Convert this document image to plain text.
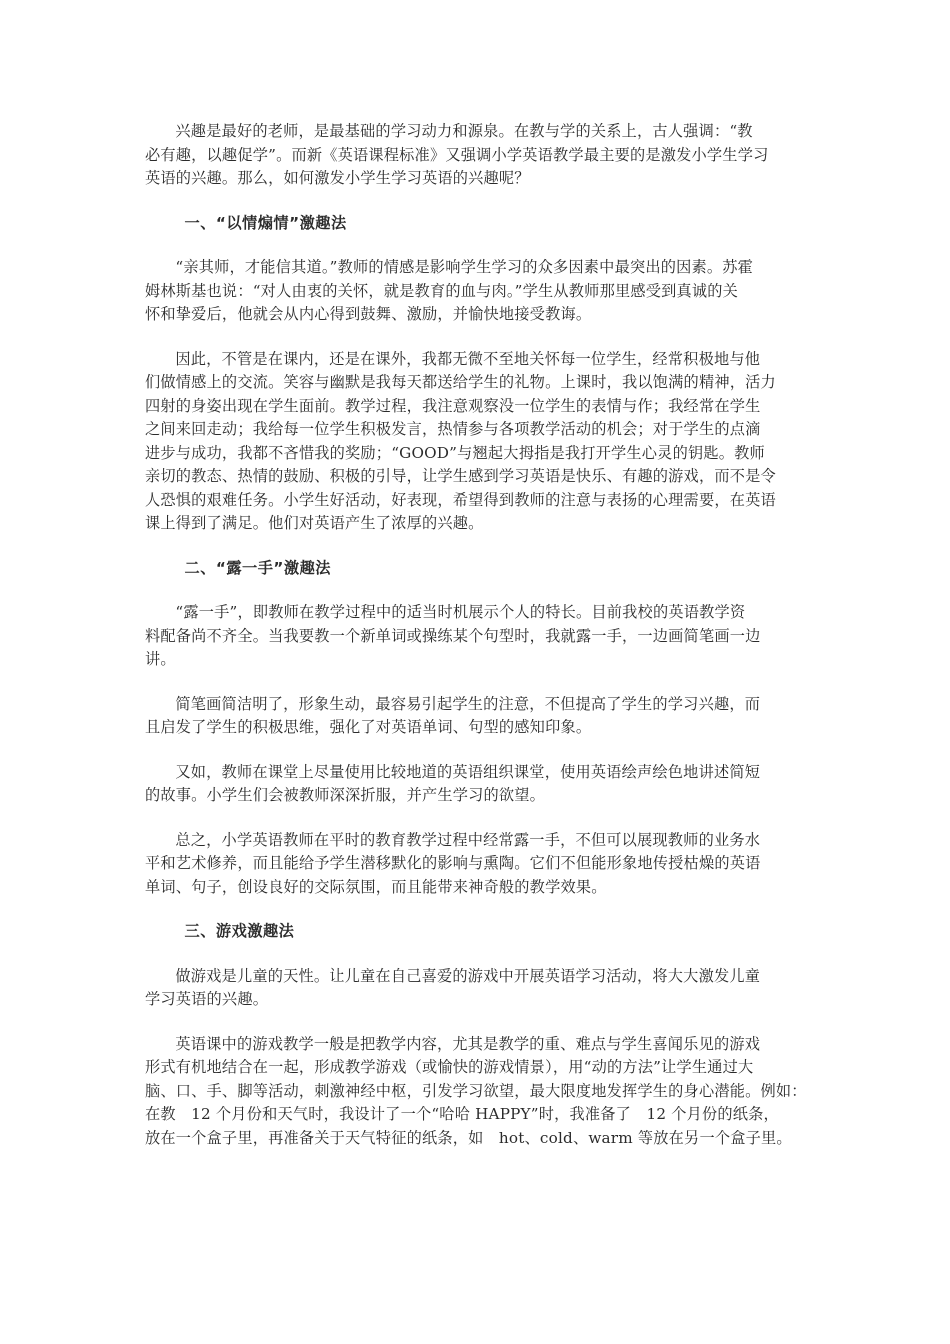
兴趣是最好的老师，是最基础的学习动力和源泉。在教与学的关系上，古人强调：“教
必有趣，以趣促学”。而新《英语课程标准》又强调小学英语教学最主要的是激发小学生学习
英语的兴趣。那么，如何激发小学生学习英语的兴趣呢？
一、“以情煽情”激趣法
“亲其师，才能信其道。”教师的情感是影响学生学习的众多因素中最突出的因素。苏霍
姆林斯基也说：“对人由衷的关怀，就是教育的血与肉。”学生从教师那里感受到真诚的关
怀和挚爱后，他就会从内心得到鼓舞、激励，并愉快地接受教诲。
因此，不管是在课内，还是在课外，我都无微不至地关怀每一位学生，经常积极地与他
们做情感上的交流。笑容与幽默是我每天都送给学生的礼物。上课时，我以饱满的精神，活力
四射的身姿出现在学生面前。教学过程，我注意观察没一位学生的表情与作；我经常在学生
之间来回走动；我给每一位学生积极发言，热情参与各项教学活动的机会；对于学生的点滴
进步与成功，我都不吝惜我的奖励；“GOOD”与翘起大拇指是我打开学生心灵的钥匙。教师
亲切的教态、热情的鼓励、积极的引导，让学生感到学习英语是快乐、有趣的游戏，而不是令
人恐惧的艰难任务。小学生好活动，好表现，希望得到教师的注意与表扬的心理需要，在英语
课上得到了满足。他们对英语产生了浓厚的兴趣。
二、“露一手”激趣法
“露一手”，即教师在教学过程中的适当时机展示个人的特长。目前我校的英语教学资
料配备尚不齐全。当我要教一个新单词或操练某个句型时，我就露一手，一边画简笔画一边
讲。
简笔画简洁明了，形象生动，最容易引起学生的注意，不但提高了学生的学习兴趣，而
且启发了学生的积极思维，强化了对英语单词、句型的感知印象。
又如，教师在课堂上尽量使用比较地道的英语组织课堂，使用英语绘声绘色地讲述简短
的故事。小学生们会被教师深深折服，并产生学习的欲望。
总之，小学英语教师在平时的教育教学过程中经常露一手，不但可以展现教师的业务水
平和艺术修养，而且能给予学生潜移默化的影响与熏陶。它们不但能形象地传授枯燥的英语
单词、句子，创设良好的交际氛围，而且能带来神奇般的教学效果。
三、游戏激趣法
做游戏是儿童的天性。让儿童在自己喜爱的游戏中开展英语学习活动，将大大激发儿童
学习英语的兴趣。
英语课中的游戏教学一般是把教学内容，尤其是教学的重、难点与学生喜闻乐见的游戏
形式有机地结合在一起，形成教学游戏（或愉快的游戏情景），用“动的方法”让学生通过大
脑、口、手、脚等活动，刺激神经中枢，引发学习欲望，最大限度地发挥学生的身心潜能。例如：
在教　12 个月份和天气时，我设计了一个“哈哈 HAPPY”时，我准备了　12 个月份的纸条，
放在一个盒子里，再准备关于天气特征的纸条，如　hot、cold、warm 等放在另一个盒子里。
